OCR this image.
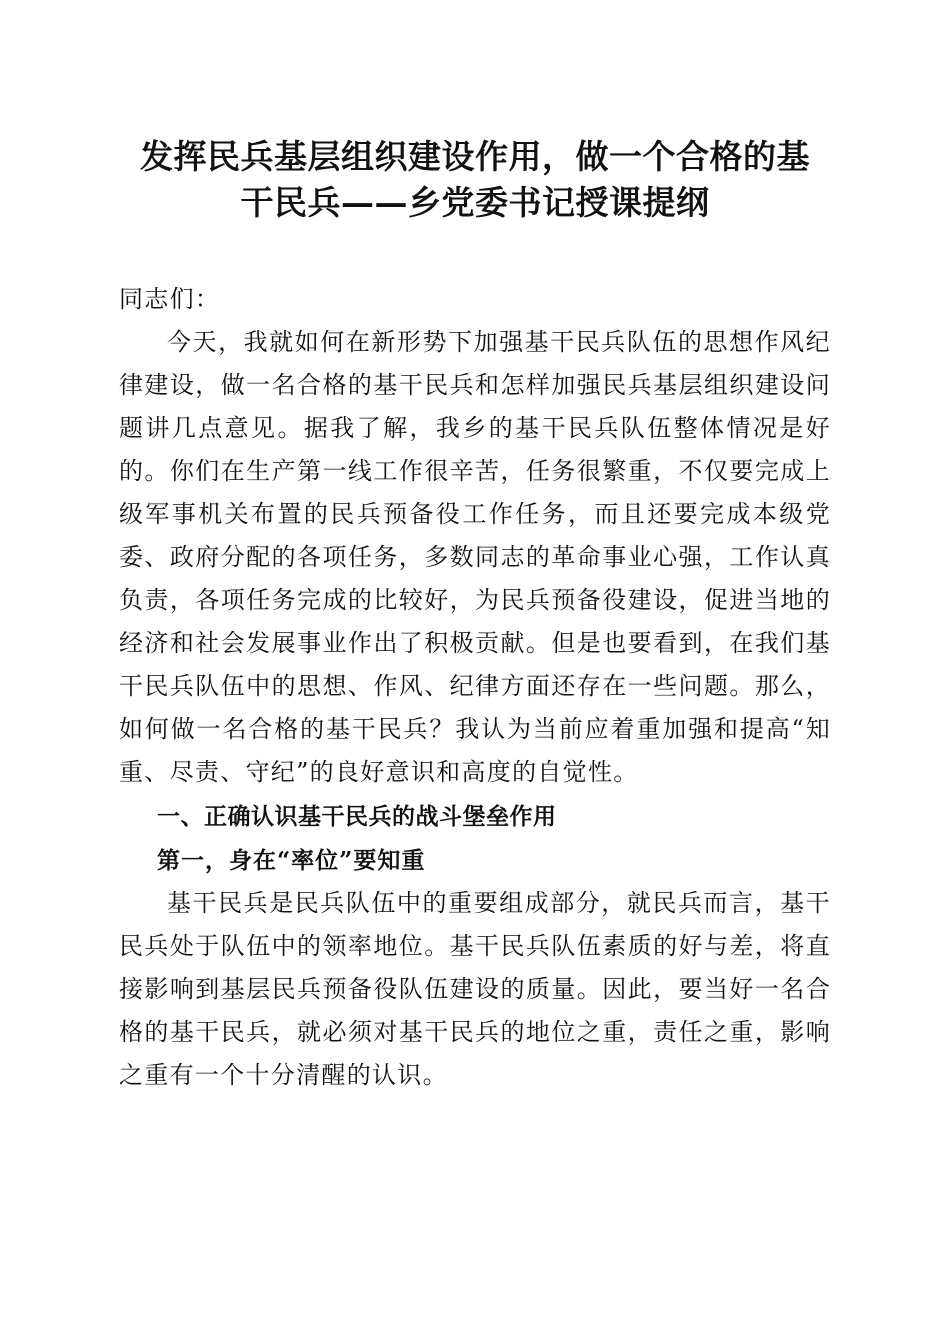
发挥民兵基层组织建设作用，做一个合格的基
干民兵——乡党委书记授课提纲

同志们：

今天，我就如何在新形势下加强基干民兵队伍的思想作风纪律建设，做一名合格的基干民兵和怎样加强民兵基层组织建设问题讲几点意见。据我了解，我乡的基干民兵队伍整体情况是好的。你们在生产第一线工作很辛苦，任务很繁重，不仅要完成上级军事机关布置的民兵预备役工作任务，而且还要完成本级党委、政府分配的各项任务，多数同志的革命事业心强，工作认真负责，各项任务完成的比较好，为民兵预备役建设，促进当地的经济和社会发展事业作出了积极贡献。但是也要看到，在我们基干民兵队伍中的思想、作风、纪律方面还存在一些问题。那么，如何做一名合格的基干民兵？我认为当前应着重加强和提高“知重、尽责、守纪”的良好意识和高度的自觉性。

一、正确认识基干民兵的战斗堡垒作用

第一，身在“率位”要知重

基干民兵是民兵队伍中的重要组成部分，就民兵而言，基干民兵处于队伍中的领率地位。基干民兵队伍素质的好与差，将直接影响到基层民兵预备役队伍建设的质量。因此，要当好一名合格的基干民兵，就必须对基干民兵的地位之重，责任之重，影响之重有一个十分清醒的认识。
